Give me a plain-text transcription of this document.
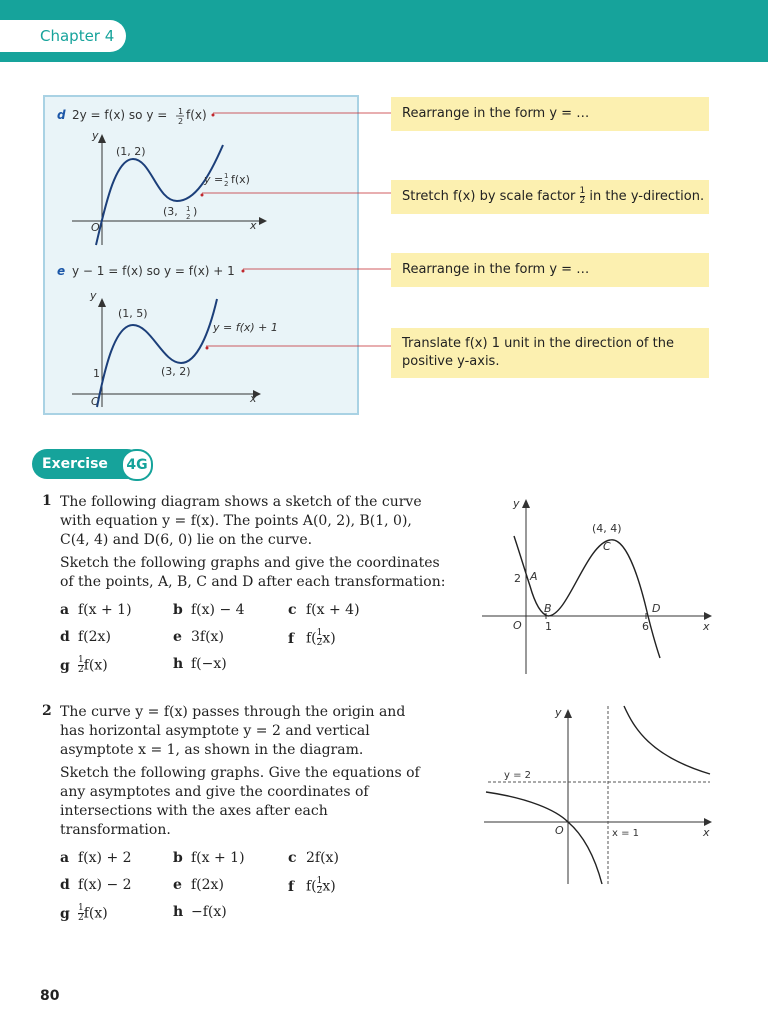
Chapter 4
d 2y = f(x) so y = 1
2 f(x)
y
x
O
(1, 2)
(3, 1
2 )
y = 1
2 f(x)
e y − 1 = f(x) so y = f(x) + 1
y
x
O
1
(1, 5)
(3, 2)
y = f(x) + 1
Rearrange in the form y = …
Stretch f(x) by scale factor $\frac{1}{2}$ in the y-direction.
Rearrange in the form y = …
Translate f(x) 1 unit in the direction of the
positive y-axis.
Exercise	4G
1 The following diagram shows a sketch of the curve
with equation y = f(x). The points A(0, 2), B(1, 0),
C(4, 4) and D(6, 0) lie on the curve.
Sketch the following graphs and give the coordinates
of the points, A, B, C and D after each transformation:
a f(x + 1)	b f(x) − 4	c f(x + 4)
d f(2x)	e 3f(x)	f $f( \frac{1}{2} x)$
g $\frac{1}{2} f(x)$	h f(−x)
y
x
O
2
1	6
A
B
C
(4, 4)
D
2 The curve y = f(x) passes through the origin and
has horizontal asymptote y = 2 and vertical
asymptote x = 1, as shown in the diagram.
Sketch the following graphs. Give the equations of
any asymptotes and give the coordinates of
intersections with the axes after each
transformation.
a f(x) + 2	b f(x + 1)	c 2f(x)
d f(x) − 2	e f(2x)	f $f( \frac{1}{2} x)$
g $\frac{1}{2} f(x)$	h −f(x)
y
x
O
y = 2
x = 1
80
